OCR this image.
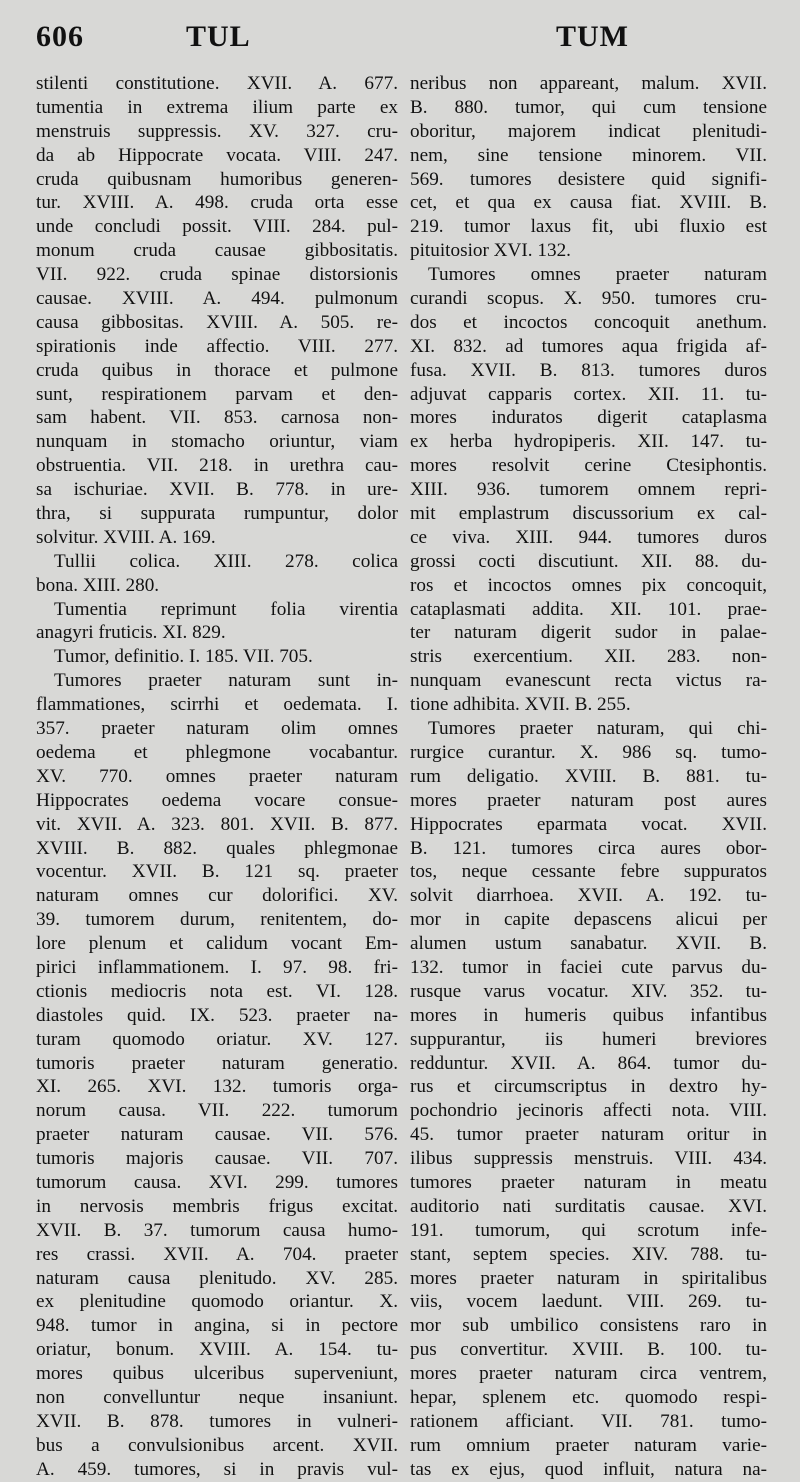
606	TUL	TUM
stilenti constitutione. XVII. A. 677.
tumentia in extrema ilium parte ex
menstruis suppressis. XV. 327. cru-
da ab Hippocrate vocata. VIII. 247.
cruda quibusnam humoribus generen-
tur. XVIII. A. 498. cruda orta esse
unde concludi possit. VIII. 284. pul-
monum cruda causae gibbositatis.
VII. 922. cruda spinae distorsionis
causae. XVIII. A. 494. pulmonum
causa gibbositas. XVIII. A. 505. re-
spirationis inde affectio. VIII. 277.
cruda quibus in thorace et pulmone
sunt, respirationem parvam et den-
sam habent. VII. 853. carnosa non-
nunquam in stomacho oriuntur, viam
obstruentia. VII. 218. in urethra cau-
sa ischuriae. XVII. B. 778. in ure-
thra, si suppurata rumpuntur, dolor
solvitur. XVIII. A. 169.
Tullii colica. XIII. 278. colica
bona. XIII. 280.
Tumentia reprimunt folia virentia
anagyri fruticis. XI. 829.
Tumor, definitio. I. 185. VII. 705.
Tumores praeter naturam sunt in-
flammationes, scirrhi et oedemata. I.
357. praeter naturam olim omnes
oedema et phlegmone vocabantur.
XV. 770. omnes praeter naturam
Hippocrates oedema vocare consue-
vit. XVII. A. 323. 801. XVII. B. 877.
XVIII. B. 882. quales phlegmonae
vocentur. XVII. B. 121 sq. praeter
naturam omnes cur dolorifici. XV.
39. tumorem durum, renitentem, do-
lore plenum et calidum vocant Em-
pirici inflammationem. I. 97. 98. fri-
ctionis mediocris nota est. VI. 128.
diastoles quid. IX. 523. praeter na-
turam quomodo oriatur. XV. 127.
tumoris praeter naturam generatio.
XI. 265. XVI. 132. tumoris orga-
norum causa. VII. 222. tumorum
praeter naturam causae. VII. 576.
tumoris majoris causae. VII. 707.
tumorum causa. XVI. 299. tumores
in nervosis membris frigus excitat.
XVII. B. 37. tumorum causa humo-
res crassi. XVII. A. 704. praeter
naturam causa plenitudo. XV. 285.
ex plenitudine quomodo oriantur. X.
948. tumor in angina, si in pectore
oriatur, bonum. XVIII. A. 154. tu-
mores quibus ulceribus superveniunt,
non convelluntur neque insaniunt.
XVII. B. 878. tumores in vulneri-
bus a convulsionibus arcent. XVII.
A. 459. tumores, si in pravis vul-
neribus non appareant, malum. XVII.
B. 880. tumor, qui cum tensione
oboritur, majorem indicat plenitudi-
nem, sine tensione minorem. VII.
569. tumores desistere quid signifi-
cet, et qua ex causa fiat. XVIII. B.
219. tumor laxus fit, ubi fluxio est
pituitosior XVI. 132.
Tumores omnes praeter naturam
curandi scopus. X. 950. tumores cru-
dos et incoctos concoquit anethum.
XI. 832. ad tumores aqua frigida af-
fusa. XVII. B. 813. tumores duros
adjuvat capparis cortex. XII. 11. tu-
mores induratos digerit cataplasma
ex herba hydropiperis. XII. 147. tu-
mores resolvit cerine Ctesiphontis.
XIII. 936. tumorem omnem repri-
mit emplastrum discussorium ex cal-
ce viva. XIII. 944. tumores duros
grossi cocti discutiunt. XII. 88. du-
ros et incoctos omnes pix concoquit,
cataplasmati addita. XII. 101. prae-
ter naturam digerit sudor in palae-
stris exercentium. XII. 283. non-
nunquam evanescunt recta victus ra-
tione adhibita. XVII. B. 255.
Tumores praeter naturam, qui chi-
rurgice curantur. X. 986 sq. tumo-
rum deligatio. XVIII. B. 881. tu-
mores praeter naturam post aures
Hippocrates eparmata vocat. XVII.
B. 121. tumores circa aures obor-
tos, neque cessante febre suppuratos
solvit diarrhoea. XVII. A. 192. tu-
mor in capite depascens alicui per
alumen ustum sanabatur. XVII. B.
132. tumor in faciei cute parvus du-
rusque varus vocatur. XIV. 352. tu-
mores in humeris quibus infantibus
suppurantur, iis humeri breviores
redduntur. XVII. A. 864. tumor du-
rus et circumscriptus in dextro hy-
pochondrio jecinoris affecti nota. VIII.
45. tumor praeter naturam oritur in
ilibus suppressis menstruis. VIII. 434.
tumores praeter naturam in meatu
auditorio nati surditatis causae. XVI.
191. tumorum, qui scrotum infe-
stant, septem species. XIV. 788. tu-
mores praeter naturam in spiritalibus
viis, vocem laedunt. VIII. 269. tu-
mor sub umbilico consistens raro in
pus convertitur. XVIII. B. 100. tu-
mores praeter naturam circa ventrem,
hepar, splenem etc. quomodo respi-
rationem afficiant. VII. 781. tumo-
rum omnium praeter naturam varie-
tas ex ejus, quod influit, natura na-
